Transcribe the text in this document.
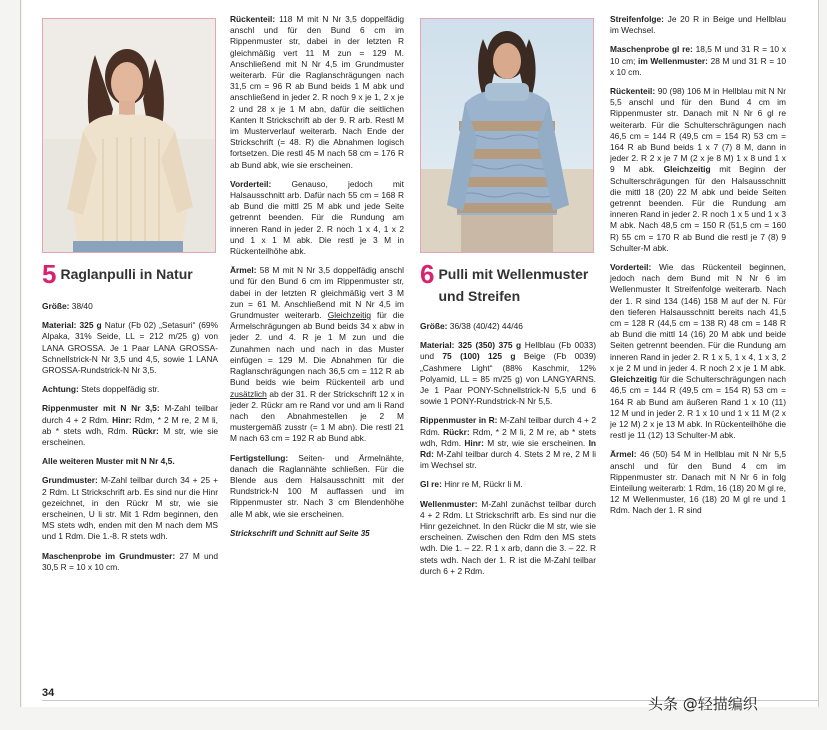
5 Raglanpulli in Natur

Größe: 38/40

Material: 325 g Natur (Fb 02) „Setasuri“ (69% Alpaka, 31% Seide, LL = 212 m/25 g) von LANA GROSSA. Je 1 Paar LANA GROSSA-Schnellstrick-N Nr 3,5 und 4,5, sowie 1 LANA GROSSA-Rundstrick-N Nr 3,5.

Achtung: Stets doppelfädig str.

Rippenmuster mit N Nr 3,5: M-Zahl teilbar durch 4 + 2 Rdm. Hinr: Rdm, * 2 M re, 2 M li, ab * stets wdh, Rdm. Rückr: M str, wie sie erscheinen.

Alle weiteren Muster mit N Nr 4,5.

Grundmuster: M-Zahl teilbar durch 34 + 25 + 2 Rdm. Lt Strickschrift arb. Es sind nur die Hinr gezeichnet, in den Rückr M str, wie sie erscheinen, U li str. Mit 1 Rdm beginnen, den MS stets wdh, enden mit den M nach dem MS und 1 Rdm. Die 1.-8. R stets wdh.

Maschenprobe im Grundmuster: 27 M und 30,5 R = 10 x 10 cm.

Rückenteil: 118 M mit N Nr 3,5 doppelfädig anschl und für den Bund 6 cm im Rippenmuster str, dabei in der letzten R gleichmäßig vert 11 M zun = 129 M. Anschließend mit N Nr 4,5 im Grundmuster weiterarb. Für die Raglanschrägungen nach 31,5 cm = 96 R ab Bund beids 1 M abk und anschließend in jeder 2. R noch 9 x je 1, 2 x je 2 und 28 x je 1 M abn, dafür die seitlichen Kanten lt Strickschrift ab der 9. R arb. Restl M im Musterverlauf weiterarb. Nach Ende der Strickschrift (= 48. R) die Abnahmen logisch fortsetzen. Die restl 45 M nach 58 cm = 176 R ab Bund abk, wie sie erscheinen.

Vorderteil: Genauso, jedoch mit Halsausschnitt arb. Dafür nach 55 cm = 168 R ab Bund die mittl 25 M abk und jede Seite getrennt beenden. Für die Rundung am inneren Rand in jeder 2. R noch 1 x 4, 1 x 2 und 1 x 1 M abk. Die restl je 3 M in Rückenteilhöhe abk.

Ärmel: 58 M mit N Nr 3,5 doppelfädig anschl und für den Bund 6 cm im Rippenmuster str, dabei in der letzten R gleichmäßig vert 3 M zun = 61 M. Anschließend mit N Nr 4,5 im Grundmuster weiterarb. Gleichzeitig für die Ärmelschrägungen ab Bund beids 34 x abw in jeder 2. und 4. R je 1 M zun und die Zunahmen nach und nach in das Muster einfügen = 129 M. Die Abnahmen für die Raglanschrägungen nach 36,5 cm = 112 R ab Bund beids wie beim Rückenteil arb und zusätzlich ab der 31. R der Strickschrift 12 x in jeder 2. Rückr am re Rand vor und am li Rand nach den Abnahmestellen je 2 M mustergemäß zusstr (= 1 M abn). Die restl 21 M nach 63 cm = 192 R ab Bund abk.

Fertigstellung: Seiten- und Ärmelnähte, danach die Raglannähte schließen. Für die Blende aus dem Halsausschnitt mit der Rundstrick-N 100 M auffassen und im Rippenmuster str. Nach 3 cm Blendenhöhe alle M abk, wie sie erscheinen.

Strickschrift und Schnitt auf Seite 35

6 Pulli mit Wellenmuster
und Streifen

Größe: 36/38 (40/42) 44/46

Material: 325 (350) 375 g Hellblau (Fb 0033) und 75 (100) 125 g Beige (Fb 0039) „Cashmere Light“ (88% Kaschmir, 12% Polyamid, LL = 85 m/25 g) von LANGYARNS. Je 1 Paar PONY-Schnellstrick-N 5,5 und 6 sowie 1 PONY-Rundstrick-N Nr 5,5.

Rippenmuster in R: M-Zahl teilbar durch 4 + 2 Rdm. Rückr: Rdm, * 2 M li, 2 M re, ab * stets wdh, Rdm. Hinr: M str, wie sie erscheinen. In Rd: M-Zahl teilbar durch 4. Stets 2 M re, 2 M li im Wechsel str.

Gl re: Hinr re M, Rückr li M.

Wellenmuster: M-Zahl zunächst teilbar durch 4 + 2 Rdm. Lt Strickschrift arb. Es sind nur die Hinr gezeichnet. In den Rückr die M str, wie sie erscheinen. Zwischen den Rdm den MS stets wdh. Die 1. – 22. R 1 x arb, dann die 3. – 22. R stets wdh. Nach der 1. R ist die M-Zahl teilbar durch 6 + 2 Rdm.

Streifenfolge: Je 20 R in Beige und Hellblau im Wechsel.

Maschenprobe gl re: 18,5 M und 31 R = 10 x 10 cm; im Wellenmuster: 28 M und 31 R = 10 x 10 cm.

Rückenteil: 90 (98) 106 M in Hellblau mit N Nr 5,5 anschl und für den Bund 4 cm im Rippenmuster str. Danach mit N Nr 6 gl re weiterarb. Für die Schulterschrägungen nach 46,5 cm = 144 R (49,5 cm = 154 R) 53 cm = 164 R ab Bund beids 1 x 7 (7) 8 M, dann in jeder 2. R 2 x je 7 M (2 x je 8 M) 1 x 8 und 1 x 9 M abk. Gleichzeitig mit Beginn der Schulterschrägungen für den Halsausschnitt die mittl 18 (20) 22 M abk und beide Seiten getrennt beenden. Für die Rundung am inneren Rand in jeder 2. R noch 1 x 5 und 1 x 3 M abk. Nach 48,5 cm = 150 R (51,5 cm = 160 R) 55 cm = 170 R ab Bund die restl je 7 (8) 9 Schulter-M abk.

Vorderteil: Wie das Rückenteil beginnen, jedoch nach dem Bund mit N Nr 6 im Wellenmuster lt Streifenfolge weiterarb. Nach der 1. R sind 134 (146) 158 M auf der N. Für den tieferen Halsausschnitt bereits nach 41,5 cm = 128 R (44,5 cm = 138 R) 48 cm = 148 R ab Bund die mittl 14 (16) 20 M abk und beide Seiten getrennt beenden. Für die Rundung am inneren Rand in jeder 2. R 1 x 5, 1 x 4, 1 x 3, 2 x je 2 M und in jeder 4. R noch 2 x je 1 M abk. Gleichzeitig für die Schulterschrägungen nach 46,5 cm = 144 R (49,5 cm = 154 R) 53 cm = 164 R ab Bund am äußeren Rand 1 x 10 (11) 12 M und in jeder 2. R 1 x 10 und 1 x 11 M (2 x je 12 M) 2 x je 13 M abk. In Rückenteilhöhe die restl je 11 (12) 13 Schulter-M abk.

Ärmel: 46 (50) 54 M in Hellblau mit N Nr 5,5 anschl und für den Bund 4 cm im Rippenmuster str. Danach mit N Nr 6 in folg Einteilung weiterarb: 1 Rdm, 16 (18) 20 M gl re, 12 M Wellenmuster, 16 (18) 20 M gl re und 1 Rdm. Nach der 1. R sind

34
头条 @轻描编织
